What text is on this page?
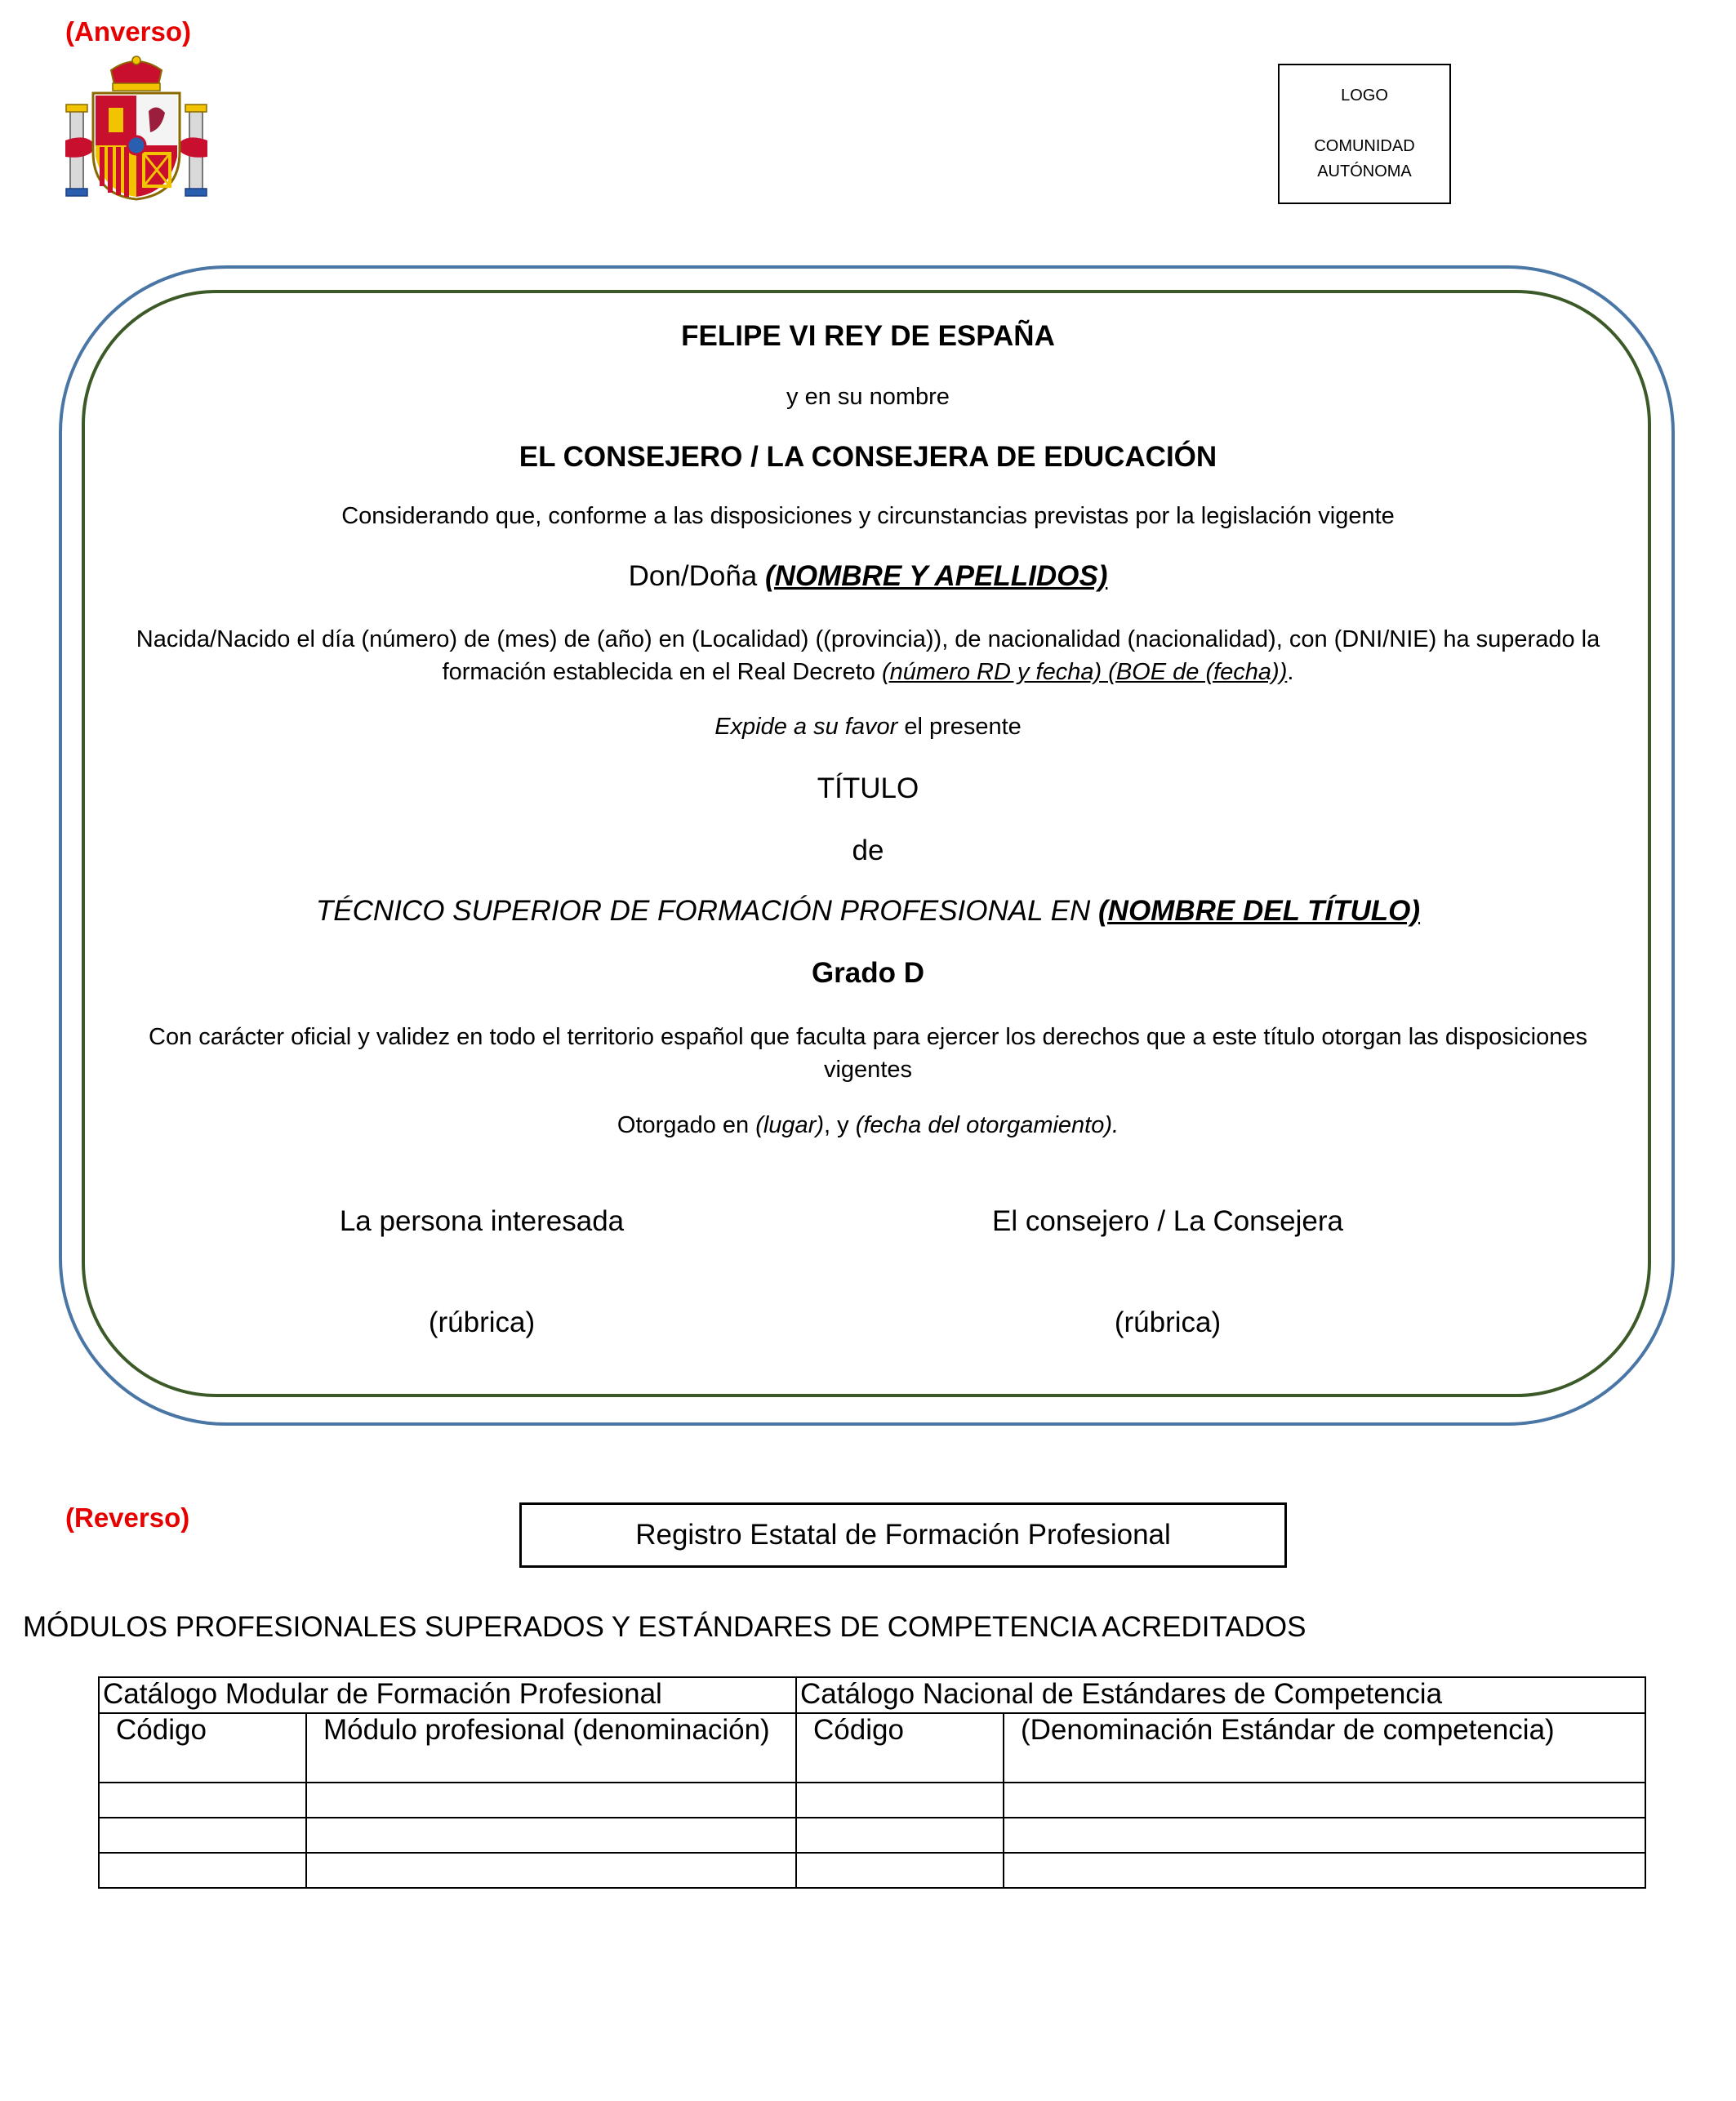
(Anverso)
LOGO
COMUNIDAD
AUTÓNOMA
FELIPE VI REY DE ESPAÑA
y en su nombre
EL CONSEJERO / LA CONSEJERA DE EDUCACIÓN
Considerando que, conforme a las disposiciones y circunstancias previstas por la legislación vigente
Don/Doña (NOMBRE Y APELLIDOS)
Nacida/Nacido el día (número) de (mes) de (año) en (Localidad) ((provincia)), de nacionalidad (nacionalidad), con (DNI/NIE) ha superado la formación establecida en el Real Decreto (número RD y fecha) (BOE de (fecha)).
Expide a su favor el presente
TÍTULO
de
TÉCNICO SUPERIOR DE FORMACIÓN PROFESIONAL EN (NOMBRE DEL TÍTULO)
Grado D
Con carácter oficial y validez en todo el territorio español que faculta para ejercer los derechos que a este título otorgan las disposiciones vigentes
Otorgado en (lugar), y (fecha del otorgamiento).
La persona interesada	El consejero / La Consejera
(rúbrica)	(rúbrica)
(Reverso)
Registro Estatal de Formación Profesional
MÓDULOS PROFESIONALES SUPERADOS Y ESTÁNDARES DE COMPETENCIA ACREDITADOS
Catálogo Modular de Formación Profesional		Catálogo Nacional de Estándares de Competencia	
Código	Módulo profesional (denominación)	Código	(Denominación Estándar de competencia)
